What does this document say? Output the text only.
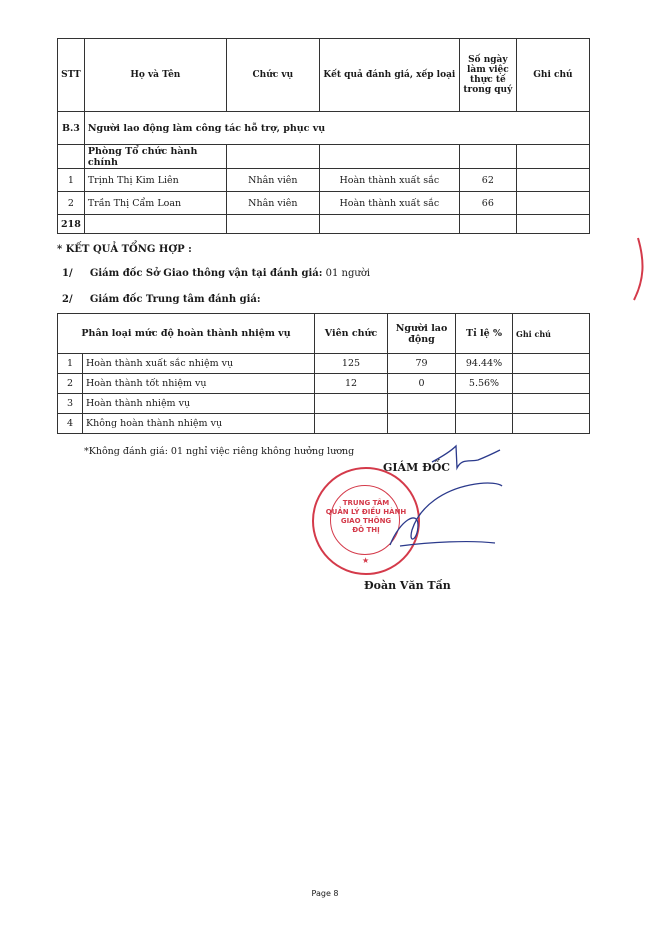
STT	Họ và Tên	Chức vụ	Kết quả đánh giá, xếp loại	Số ngày làm việc thực tế trong quý	Ghi chú
B.3	Người lao động làm công tác hỗ trợ, phục vụ				
	Phòng Tổ chức hành chính				
1	Trịnh Thị Kim Liên	Nhân viên	Hoàn thành xuất sắc	62	
2	Trần Thị Cẩm Loan	Nhân viên	Hoàn thành xuất sắc	66	
218					
* KẾT QUẢ TỔNG HỢP :
1/ Giám đốc Sở Giao thông vận tại đánh giá: 01 người
2/ Giám đốc Trung tâm đánh giá:
Phân loại mức độ hoàn thành nhiệm vụ		Viên chức	Người lao động	Tỉ lệ %	Ghi chú
1	Hoàn thành xuất sắc nhiệm vụ	125	79	94.44%	
2	Hoàn thành tốt nhiệm vụ	12	0	5.56%	
3	Hoàn thành nhiệm vụ				
4	Không hoàn thành nhiệm vụ				
*Không đánh giá: 01 nghỉ việc riêng không hưởng lương
GIÁM ĐỐC
TRUNG TÂM
QUẢN LÝ ĐIỀU HÀNH
GIAO THÔNG
ĐÔ THỊ
★
Đoàn Văn Tấn
Page 8
